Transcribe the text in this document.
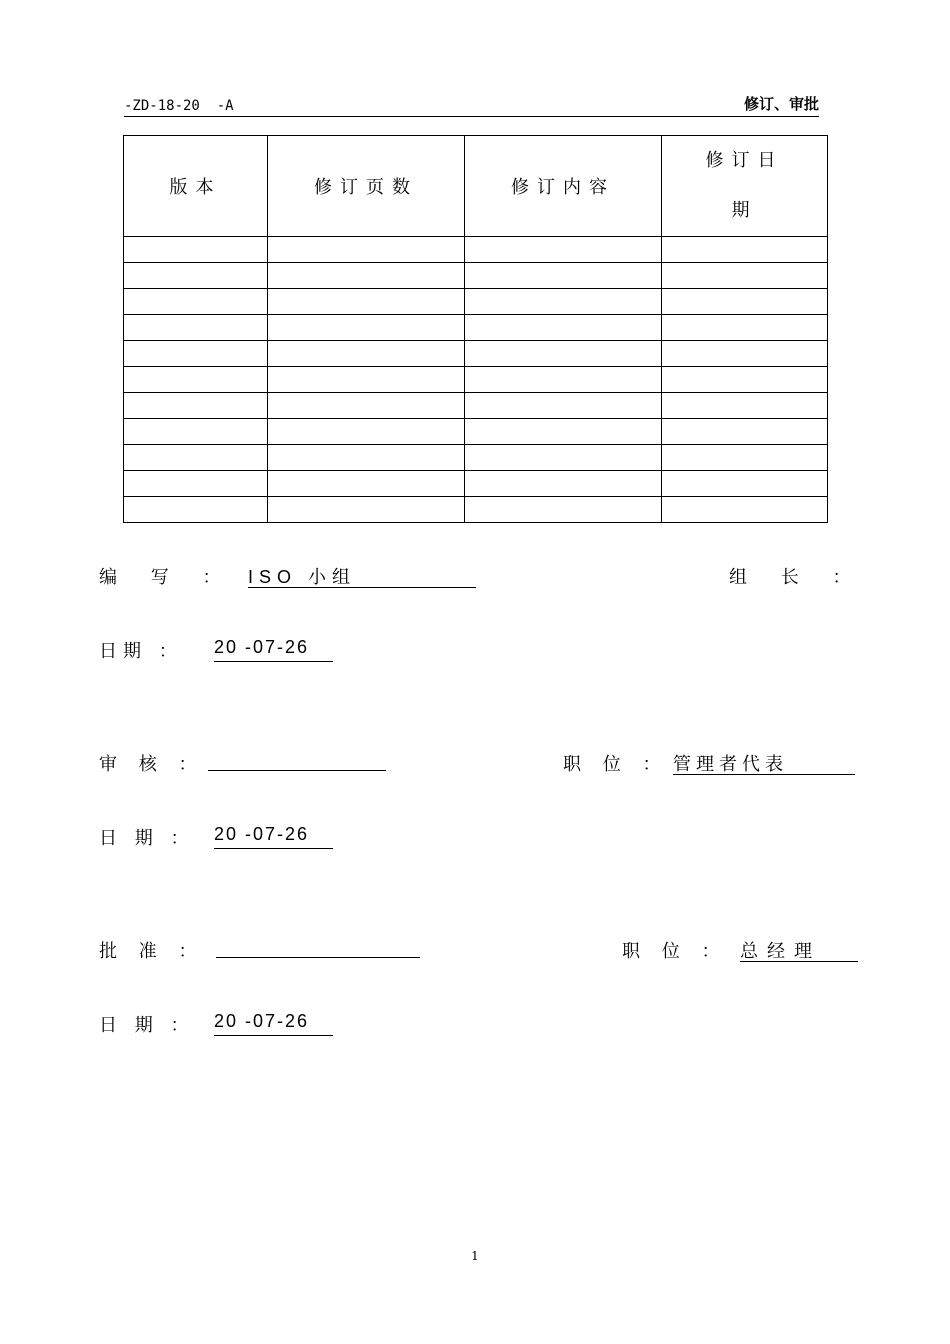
-ZD-18-20  -A	修订、审批
版本	修订页数	修订内容	修订日
期

编 写 ： ISO 小组	组 长 ：
日期 ： 20 -07-26
审 核 ：	职 位 ： 管理者代表
日 期 ： 20 -07-26
批 准 ：	职 位 ： 总 经 理
日 期 ： 20 -07-26
1
